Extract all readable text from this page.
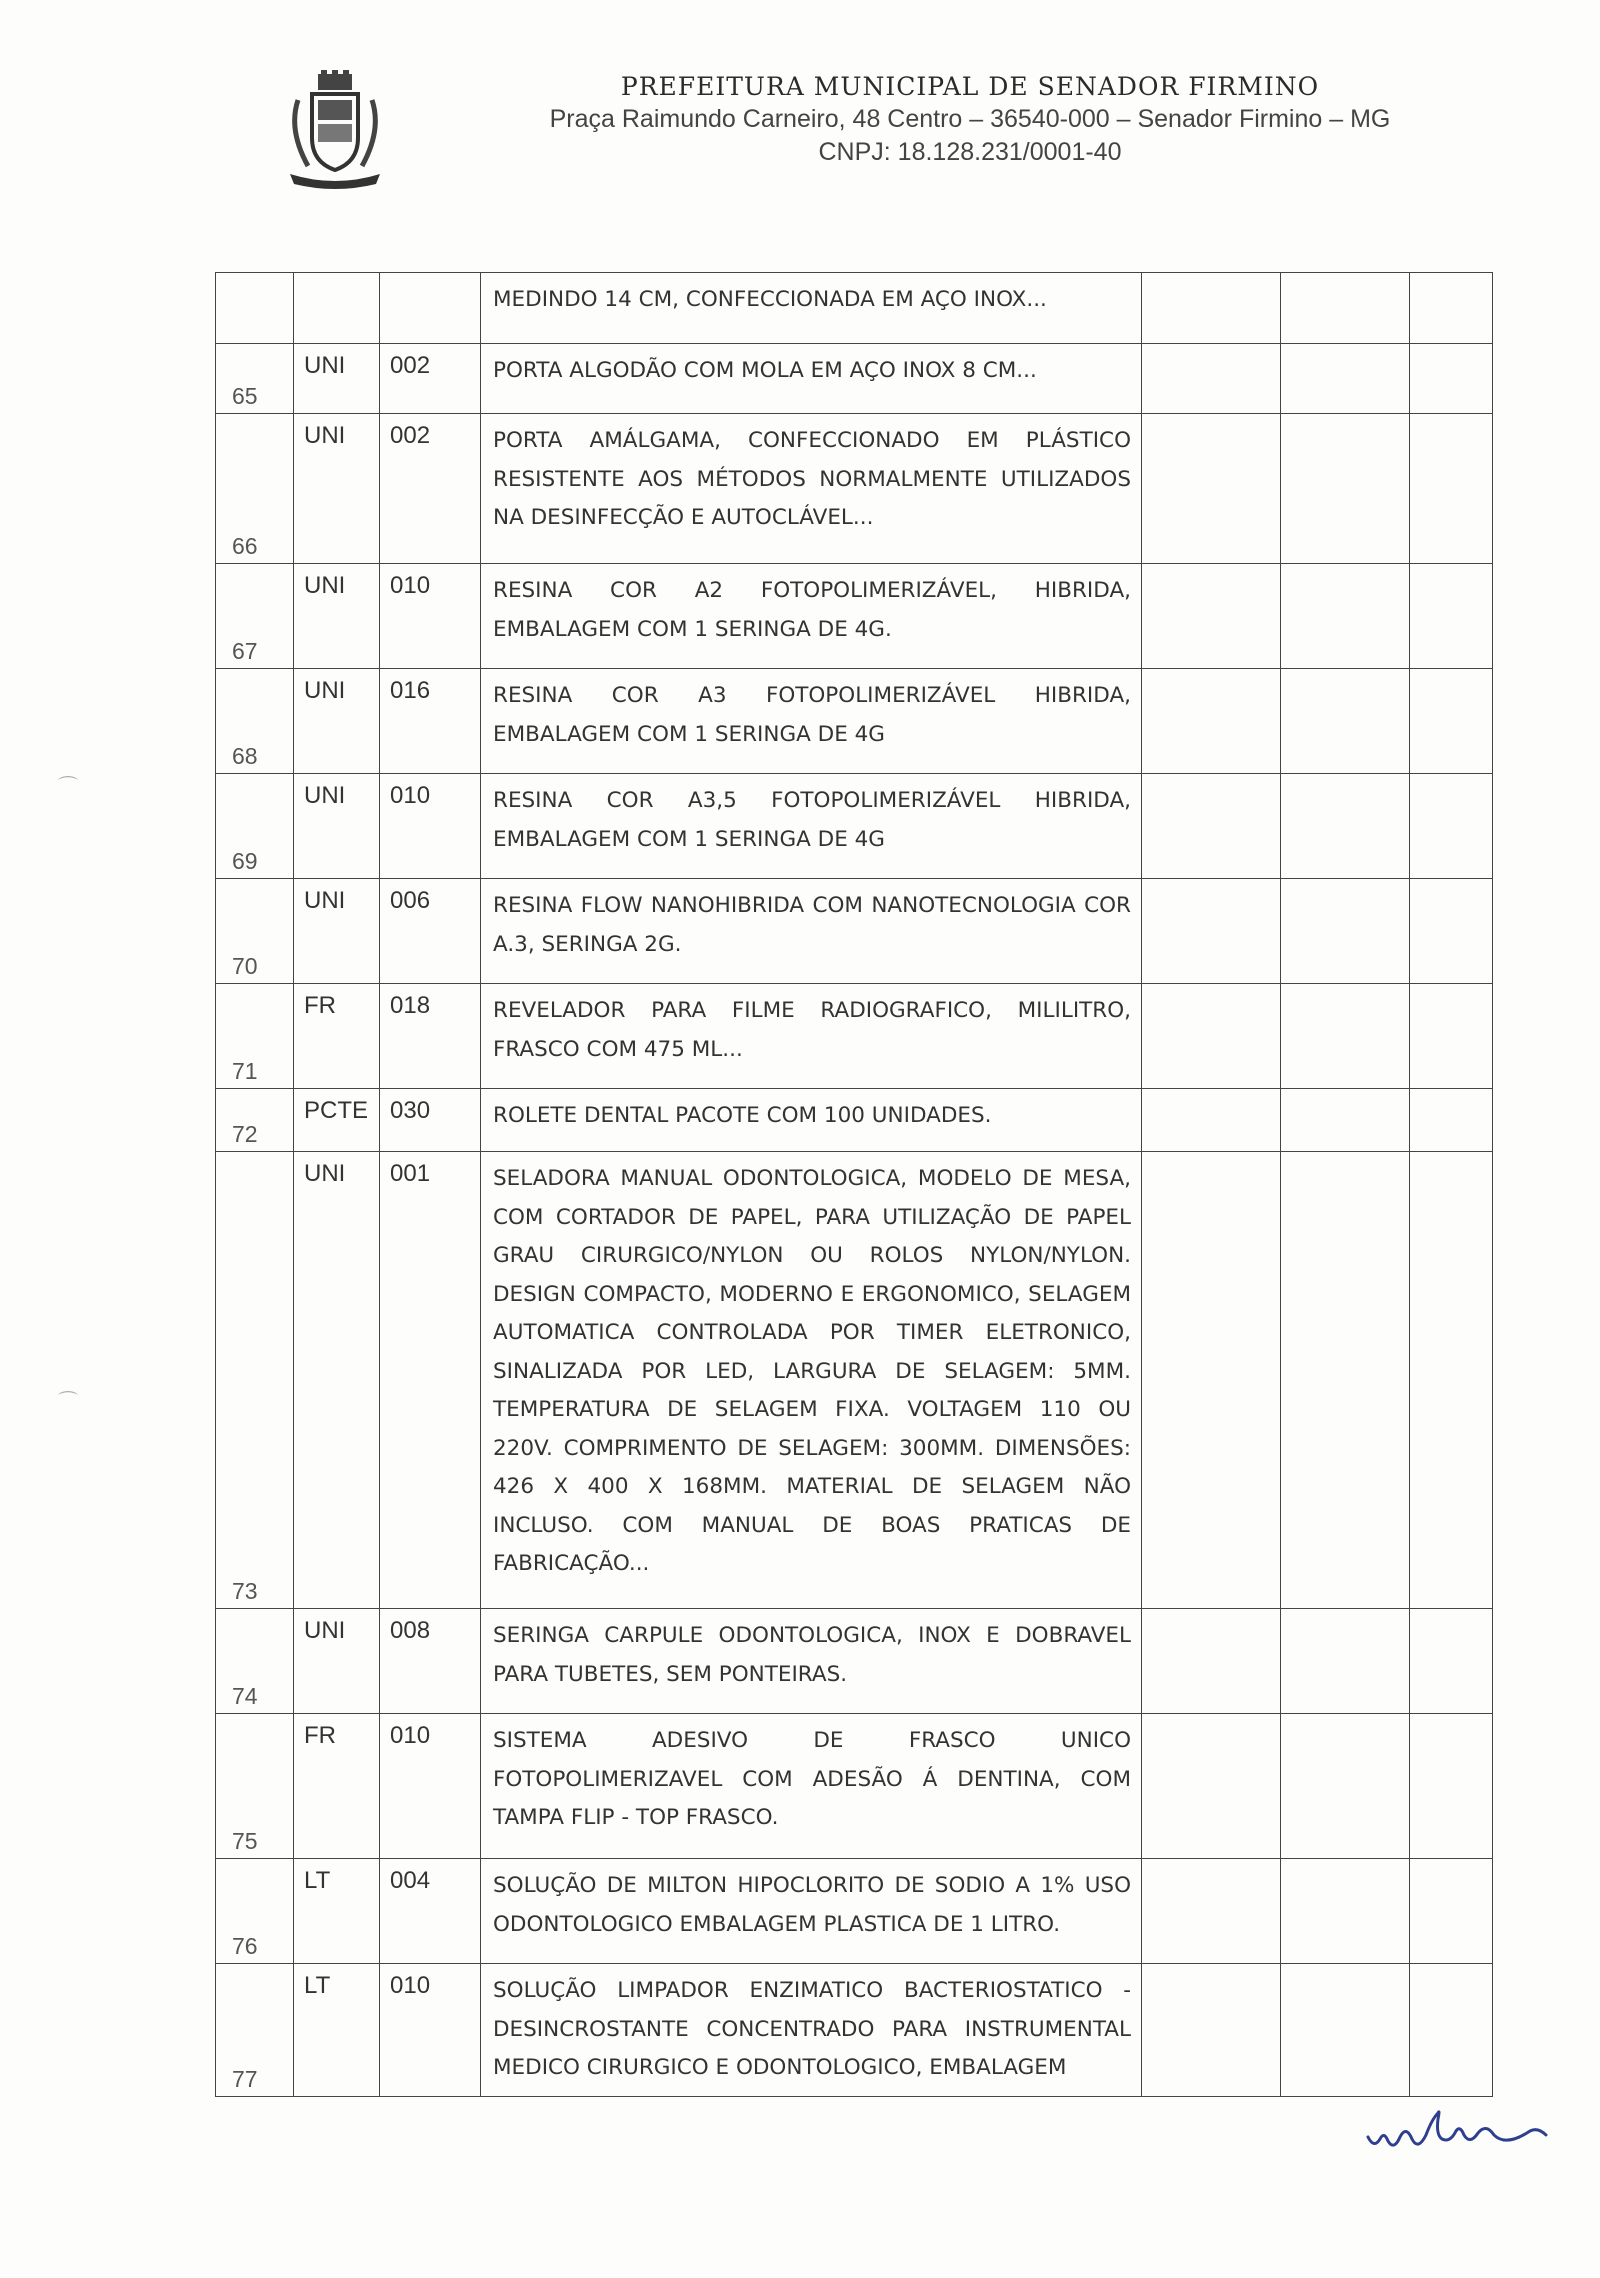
PREFEITURA MUNICIPAL DE SENADOR FIRMINO
Praça Raimundo Carneiro, 48 Centro – 36540-000 – Senador Firmino – MG
CNPJ: 18.128.231/0001-40

			MEDINDO 14 CM, CONFECCIONADA EM AÇO INOX...			

65	UNI	002	PORTA ALGODÃO COM MOLA EM AÇO INOX 8 CM...			

66	UNI	002	PORTA AMÁLGAMA, CONFECCIONADO EM PLÁSTICO RESISTENTE AOS MÉTODOS NORMALMENTE UTILIZADOS NA DESINFECÇÃO E AUTOCLÁVEL...			

67	UNI	010	RESINA COR A2 FOTOPOLIMERIZÁVEL, HIBRIDA, EMBALAGEM COM 1 SERINGA DE 4G.			

68	UNI	016	RESINA COR A3 FOTOPOLIMERIZÁVEL HIBRIDA, EMBALAGEM COM 1 SERINGA DE 4G			

69	UNI	010	RESINA COR A3,5 FOTOPOLIMERIZÁVEL HIBRIDA, EMBALAGEM COM 1 SERINGA DE 4G			

70	UNI	006	RESINA FLOW NANOHIBRIDA COM NANOTECNOLOGIA COR A.3, SERINGA 2G.			

71	FR	018	REVELADOR PARA FILME RADIOGRAFICO, MILILITRO, FRASCO COM 475 ML...			

72	PCTE	030	ROLETE DENTAL PACOTE COM 100 UNIDADES.			

73	UNI	001	SELADORA MANUAL ODONTOLOGICA, MODELO DE MESA, COM CORTADOR DE PAPEL, PARA UTILIZAÇÃO DE PAPEL GRAU CIRURGICO/NYLON OU ROLOS NYLON/NYLON. DESIGN COMPACTO, MODERNO E ERGONOMICO, SELAGEM AUTOMATICA CONTROLADA POR TIMER ELETRONICO, SINALIZADA POR LED, LARGURA DE SELAGEM: 5MM. TEMPERATURA DE SELAGEM FIXA. VOLTAGEM 110 OU 220V. COMPRIMENTO DE SELAGEM: 300MM. DIMENSÕES: 426 X 400 X 168MM. MATERIAL DE SELAGEM NÃO INCLUSO. COM MANUAL DE BOAS PRATICAS DE FABRICAÇÃO...			

74	UNI	008	SERINGA CARPULE ODONTOLOGICA, INOX E DOBRAVEL PARA TUBETES, SEM PONTEIRAS.			

75	FR	010	SISTEMA ADESIVO DE FRASCO UNICO FOTOPOLIMERIZAVEL COM ADESÃO Á DENTINA, COM TAMPA FLIP - TOP FRASCO.			

76	LT	004	SOLUÇÃO DE MILTON HIPOCLORITO DE SODIO A 1% USO ODONTOLOGICO EMBALAGEM PLASTICA DE 1 LITRO.			

77	LT	010	SOLUÇÃO LIMPADOR ENZIMATICO BACTERIOSTATICO - DESINCROSTANTE CONCENTRADO PARA INSTRUMENTAL MEDICO CIRURGICO E ODONTOLOGICO, EMBALAGEM			

⌒
⌒
